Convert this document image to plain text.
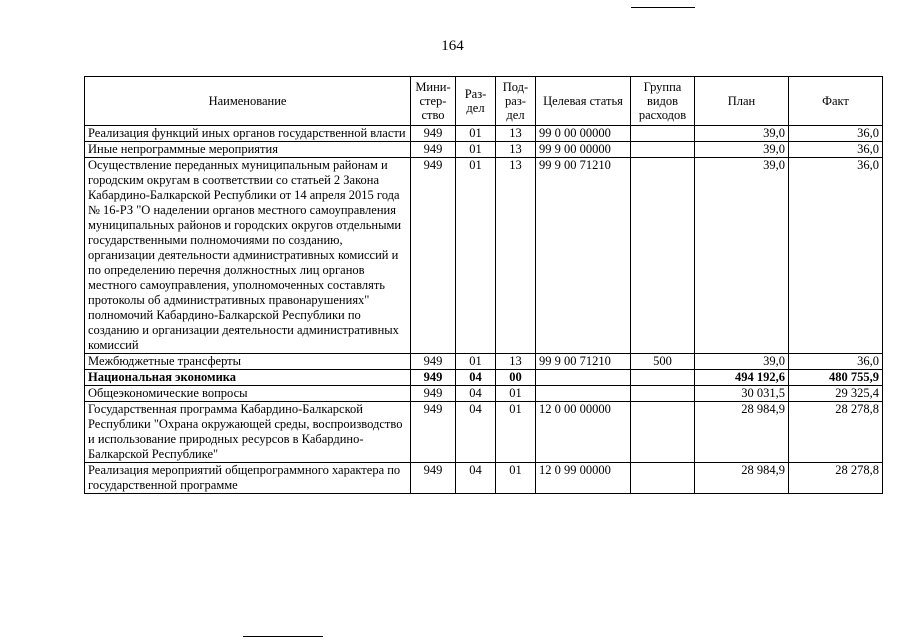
164
Наименование	Мини-стер-ство	Раз-дел	Под-раз-дел	Целевая статья	Группа видов расходов	План	Факт
Реализация функций иных органов государственной власти	949	01	13	99 0 00 00000		39,0	36,0
Иные непрограммные мероприятия	949	01	13	99 9 00 00000		39,0	36,0
Осуществление переданных муниципальным районам и городским округам в соответствии со статьей 2 Закона Кабардино-Балкарской Республики от 14 апреля 2015 года № 16-РЗ "О наделении органов местного самоуправления муниципальных районов и городских округов отдельными государственными полномочиями по созданию, организации деятельности административных комиссий и по определению перечня должностных лиц органов местного самоуправления, уполномоченных составлять протоколы об административных правонарушениях" полномочий Кабардино-Балкарской Республики по созданию и организации деятельности административных комиссий	949	01	13	99 9 00 71210		39,0	36,0
Межбюджетные трансферты	949	01	13	99 9 00 71210	500	39,0	36,0
Национальная экономика	949	04	00			494 192,6	480 755,9
Общеэкономические вопросы	949	04	01			30 031,5	29 325,4
Государственная программа Кабардино-Балкарской Республики "Охрана окружающей среды, воспроизводство и использование природных ресурсов в Кабардино-Балкарской Республике"	949	04	01	12 0 00 00000		28 984,9	28 278,8
Реализация мероприятий общепрограммного характера по государственной программе	949	04	01	12 0 99 00000		28 984,9	28 278,8
